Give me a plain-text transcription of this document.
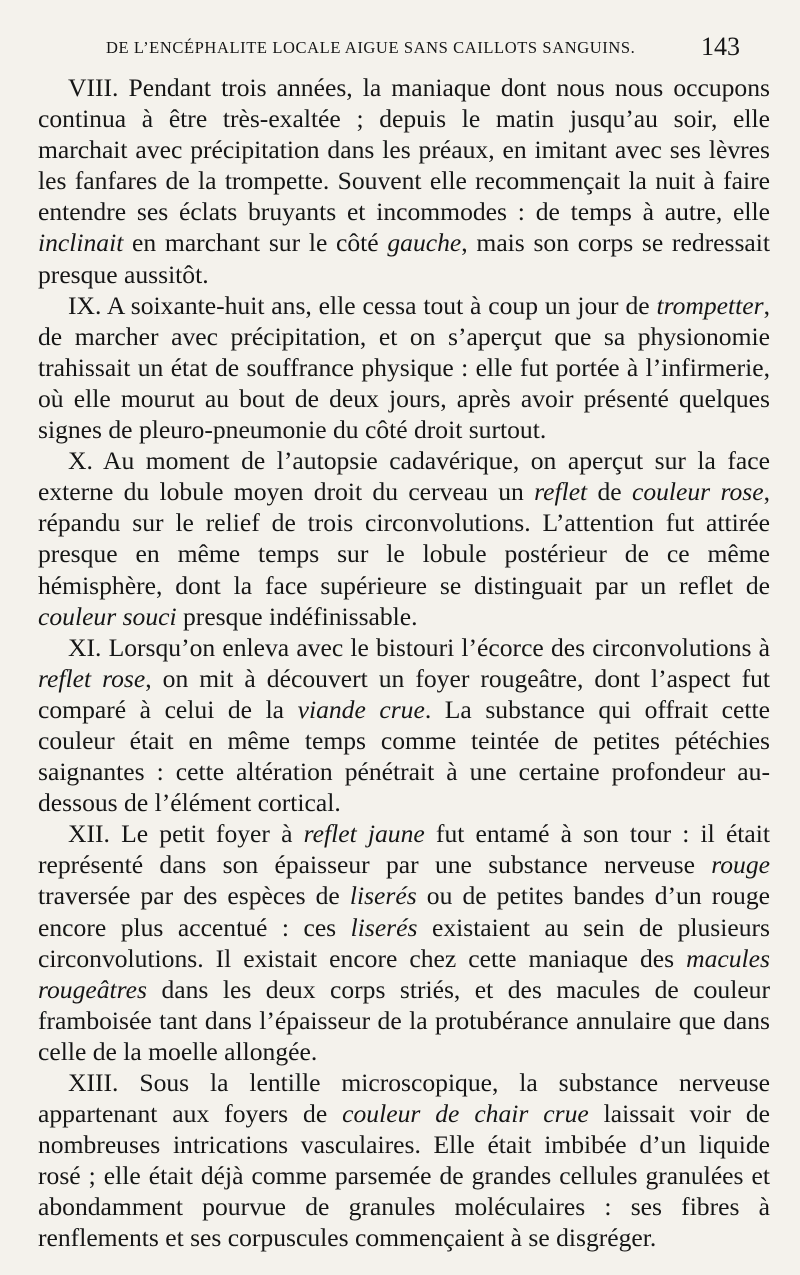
DE L’ENCÉPHALITE LOCALE AIGUE SANS CAILLOTS SANGUINS.	143

VIII. Pendant trois années, la maniaque dont nous nous occupons continua à être très-exaltée ; depuis le matin jusqu’au soir, elle marchait avec précipitation dans les préaux, en imitant avec ses lèvres les fanfares de la trompette. Souvent elle recommençait la nuit à faire entendre ses éclats bruyants et incommodes : de temps à autre, elle inclinait en marchant sur le côté gauche, mais son corps se redressait presque aussitôt.

IX. A soixante-huit ans, elle cessa tout à coup un jour de trompetter, de marcher avec précipitation, et on s’aperçut que sa physionomie trahissait un état de souffrance physique : elle fut portée à l’infirmerie, où elle mourut au bout de deux jours, après avoir présenté quelques signes de pleuro-pneumonie du côté droit surtout.

X. Au moment de l’autopsie cadavérique, on aperçut sur la face externe du lobule moyen droit du cerveau un reflet de couleur rose, répandu sur le relief de trois circonvolutions. L’attention fut attirée presque en même temps sur le lobule postérieur de ce même hémisphère, dont la face supérieure se distinguait par un reflet de couleur souci presque indéfinissable.

XI. Lorsqu’on enleva avec le bistouri l’écorce des circonvolutions à reflet rose, on mit à découvert un foyer rougeâtre, dont l’aspect fut comparé à celui de la viande crue. La substance qui offrait cette couleur était en même temps comme teintée de petites pétéchies saignantes : cette altération pénétrait à une certaine profondeur au-dessous de l’élément cortical.

XII. Le petit foyer à reflet jaune fut entamé à son tour : il était représenté dans son épaisseur par une substance nerveuse rouge traversée par des espèces de liserés ou de petites bandes d’un rouge encore plus accentué : ces liserés existaient au sein de plusieurs circonvolutions. Il existait encore chez cette maniaque des macules rougeâtres dans les deux corps striés, et des macules de couleur framboisée tant dans l’épaisseur de la protubérance annulaire que dans celle de la moelle allongée.

XIII. Sous la lentille microscopique, la substance nerveuse appartenant aux foyers de couleur de chair crue laissait voir de nombreuses intrications vasculaires. Elle était imbibée d’un liquide rosé ; elle était déjà comme parsemée de grandes cellules granulées et abondamment pourvue de granules moléculaires : ses fibres à renflements et ses corpuscules commençaient à se disgréger.
